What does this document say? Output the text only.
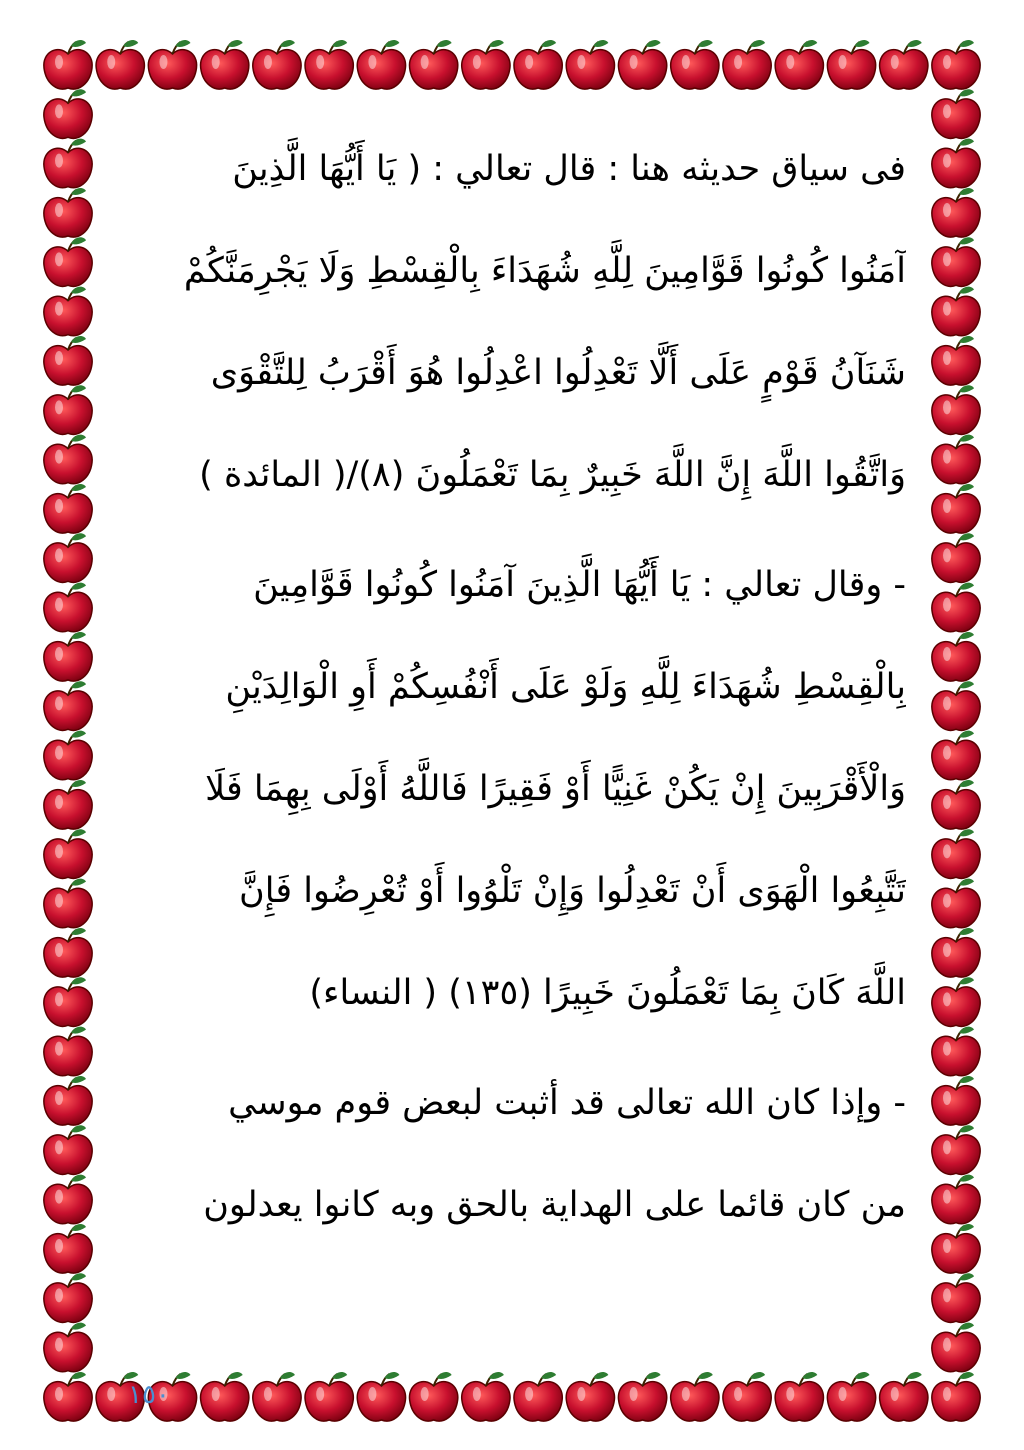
فى سياق حديثه هنا : قال تعالي : ( يَا أَيُّهَا الَّذِينَ
آمَنُوا كُونُوا قَوَّامِينَ لِلَّهِ شُهَدَاءَ بِالْقِسْطِ وَلَا يَجْرِمَنَّكُمْ
شَنَآنُ قَوْمٍ عَلَى أَلَّا تَعْدِلُوا اعْدِلُوا هُوَ أَقْرَبُ لِلتَّقْوَى
وَاتَّقُوا اللَّهَ إِنَّ اللَّهَ خَبِيرٌ بِمَا تَعْمَلُونَ (٨)/( المائدة )
- وقال تعالي : يَا أَيُّهَا الَّذِينَ آمَنُوا كُونُوا قَوَّامِينَ
بِالْقِسْطِ شُهَدَاءَ لِلَّهِ وَلَوْ عَلَى أَنْفُسِكُمْ أَوِ الْوَالِدَيْنِ
وَالْأَقْرَبِينَ إِنْ يَكُنْ غَنِيًّا أَوْ فَقِيرًا فَاللَّهُ أَوْلَى بِهِمَا فَلَا
تَتَّبِعُوا الْهَوَى أَنْ تَعْدِلُوا وَإِنْ تَلْوُوا أَوْ تُعْرِضُوا فَإِنَّ
اللَّهَ كَانَ بِمَا تَعْمَلُونَ خَبِيرًا (١٣٥) ( النساء)
- وإذا كان الله تعالى قد أثبت لبعض قوم موسي
من كان قائما على الهداية بالحق وبه كانوا يعدلون
١٥٠
